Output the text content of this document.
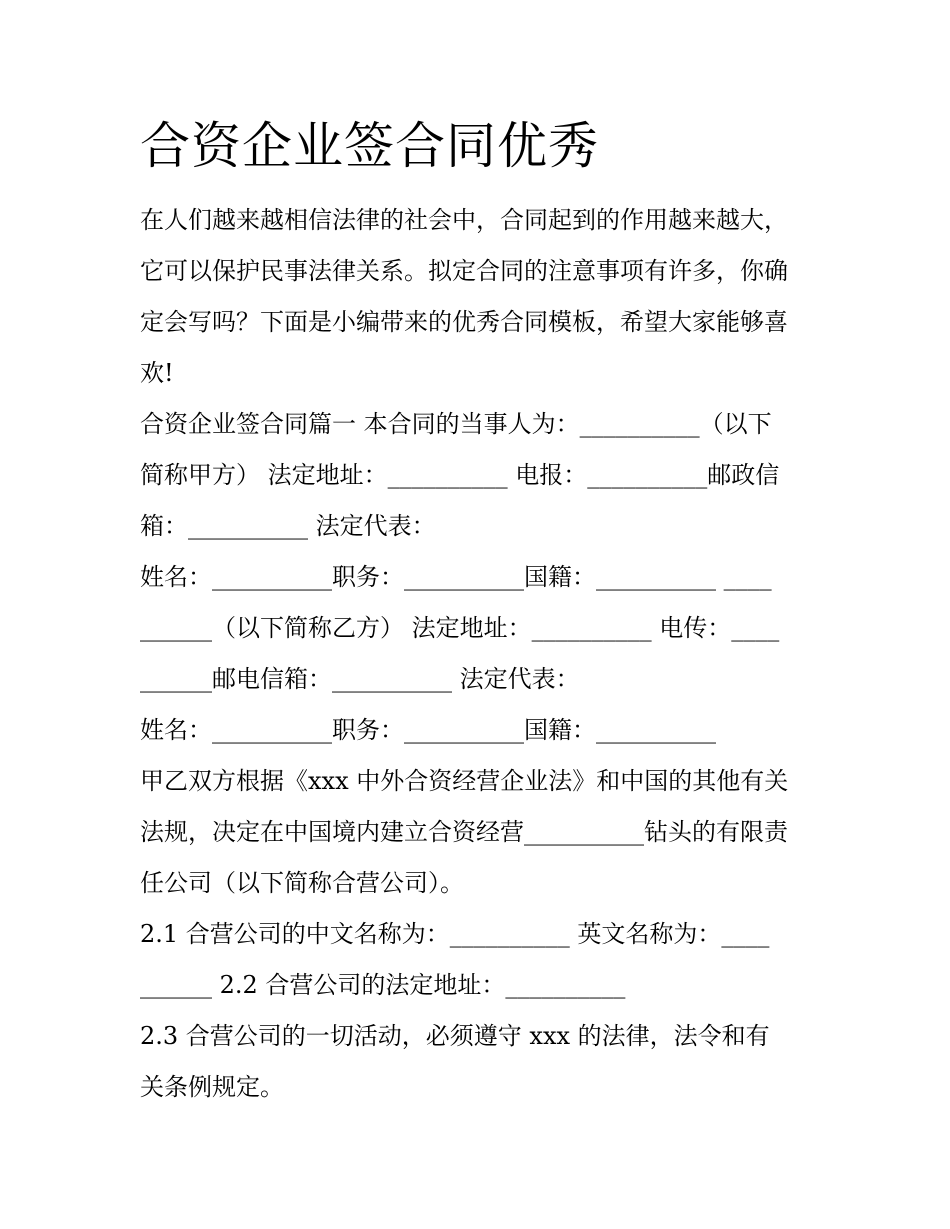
合资企业签合同优秀
在人们越来越相信法律的社会中，合同起到的作用越来越大，
它可以保护民事法律关系。拟定合同的注意事项有许多，你确
定会写吗？下面是小编带来的优秀合同模板，希望大家能够喜
欢!
合资企业签合同篇一 本合同的当事人为：__________（以下
简称甲方） 法定地址：__________ 电报：__________邮政信
箱：__________ 法定代表：
姓名：__________职务：__________国籍：__________ ____
______（以下简称乙方） 法定地址：__________ 电传：____
______邮电信箱：__________ 法定代表：
姓名：__________职务：__________国籍：__________
甲乙双方根据《xxx 中外合资经营企业法》和中国的其他有关
法规，决定在中国境内建立合资经营__________钻头的有限责
任公司（以下简称合营公司）。
2.1 合营公司的中文名称为：__________ 英文名称为：____
______ 2.2 合营公司的法定地址：__________
2.3 合营公司的一切活动，必须遵守 xxx 的法律，法令和有
关条例规定。
